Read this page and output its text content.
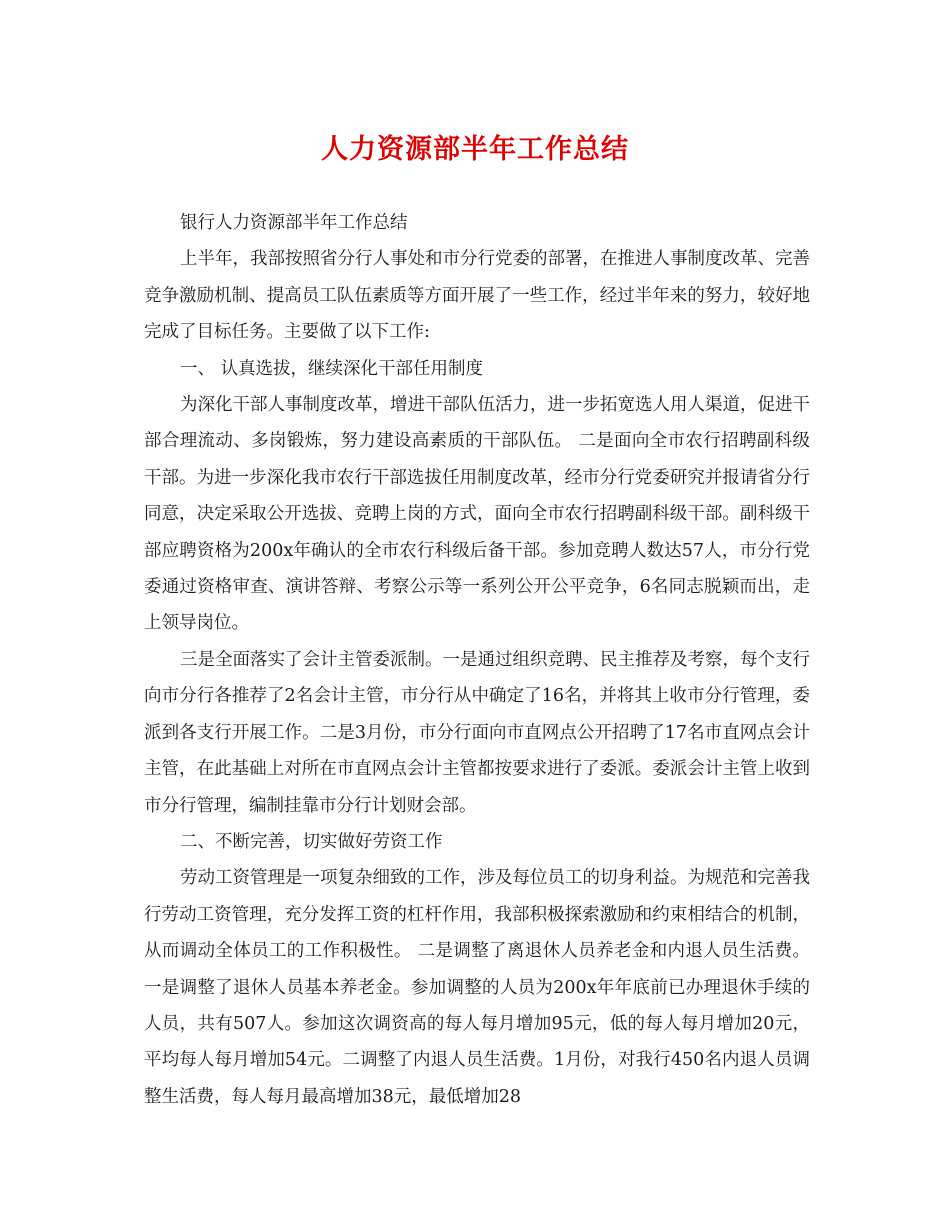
人力资源部半年工作总结

银行人力资源部半年工作总结

上半年，我部按照省分行人事处和市分行党委的部署，在推进人事制度改革、完善竞争激励机制、提高员工队伍素质等方面开展了一些工作，经过半年来的努力，较好地完成了目标任务。主要做了以下工作:

一、 认真选拔，继续深化干部任用制度

为深化干部人事制度改革，增进干部队伍活力，进一步拓宽选人用人渠道，促进干部合理流动、多岗锻炼，努力建设高素质的干部队伍。 二是面向全市农行招聘副科级干部。为进一步深化我市农行干部选拔任用制度改革，经市分行党委研究并报请省分行同意，决定采取公开选拔、竞聘上岗的方式，面向全市农行招聘副科级干部。副科级干部应聘资格为200x年确认的全市农行科级后备干部。参加竞聘人数达57人，市分行党委通过资格审查、演讲答辩、考察公示等一系列公开公平竞争，6名同志脱颖而出，走上领导岗位。

三是全面落实了会计主管委派制。一是通过组织竞聘、民主推荐及考察，每个支行向市分行各推荐了2名会计主管，市分行从中确定了16名，并将其上收市分行管理，委派到各支行开展工作。二是3月份，市分行面向市直网点公开招聘了17名市直网点会计主管，在此基础上对所在市直网点会计主管都按要求进行了委派。委派会计主管上收到市分行管理，编制挂靠市分行计划财会部。

二、不断完善，切实做好劳资工作

劳动工资管理是一项复杂细致的工作，涉及每位员工的切身利益。为规范和完善我行劳动工资管理，充分发挥工资的杠杆作用，我部积极探索激励和约束相结合的机制，从而调动全体员工的工作积极性。 二是调整了离退休人员养老金和内退人员生活费。一是调整了退休人员基本养老金。参加调整的人员为200x年年底前已办理退休手续的人员，共有507人。参加这次调资高的每人每月增加95元，低的每人每月增加20元，平均每人每月增加54元。二调整了内退人员生活费。1月份，对我行450名内退人员调整生活费，每人每月最高增加38元，最低增加28
